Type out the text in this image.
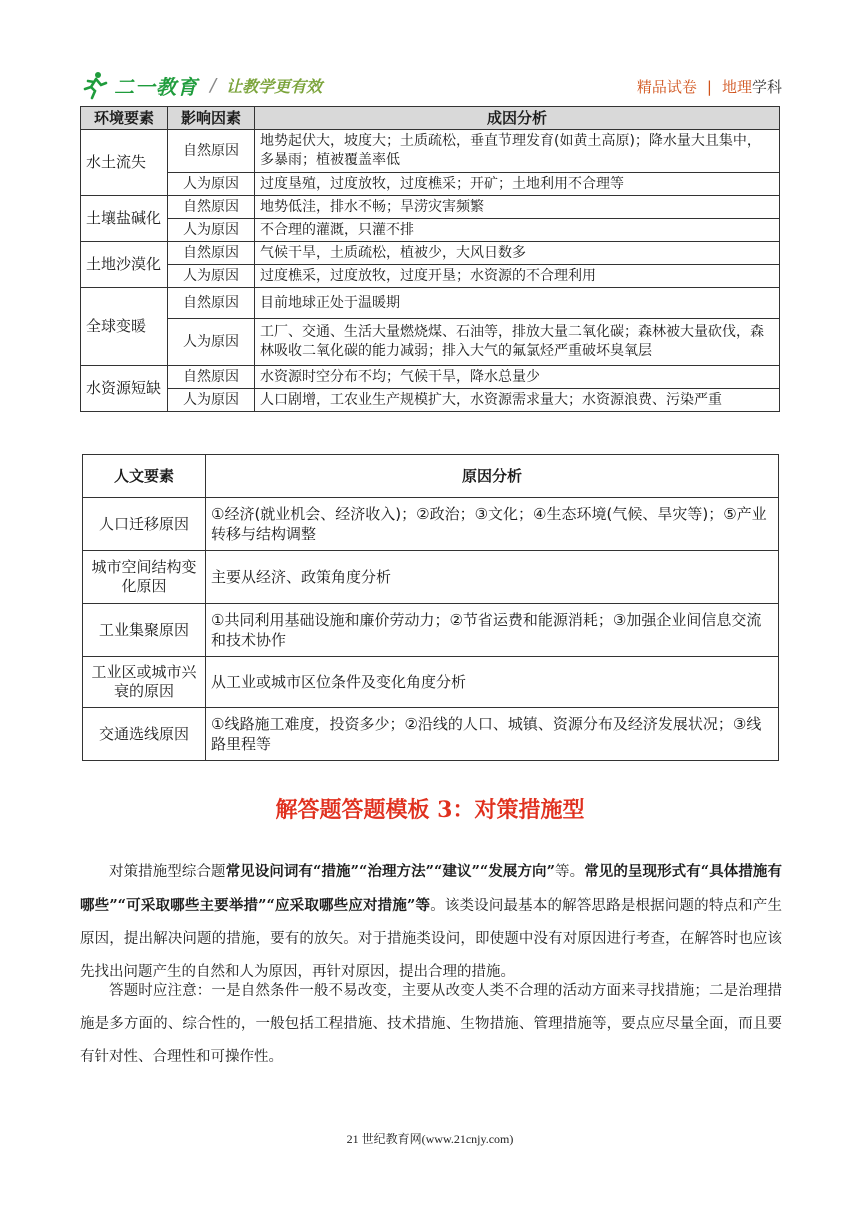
二一教育 / 让教学更有效	精品试卷 | 地理学科
环境要素	影响因素	成因分析
水土流失	自然原因	地势起伏大，坡度大；土质疏松，垂直节理发育(如黄土高原)；降水量大且集中，多暴雨；植被覆盖率低
	人为原因	过度垦殖，过度放牧，过度樵采；开矿；土地利用不合理等
土壤盐碱化	自然原因	地势低洼，排水不畅；旱涝灾害频繁
	人为原因	不合理的灌溉，只灌不排
土地沙漠化	自然原因	气候干旱，土质疏松，植被少，大风日数多
	人为原因	过度樵采，过度放牧，过度开垦；水资源的不合理利用
全球变暖	自然原因	目前地球正处于温暖期
	人为原因	工厂、交通、生活大量燃烧煤、石油等，排放大量二氧化碳；森林被大量砍伐，森林吸收二氧化碳的能力减弱；排入大气的氟氯烃严重破坏臭氧层
水资源短缺	自然原因	水资源时空分布不均；气候干旱，降水总量少
	人为原因	人口剧增，工农业生产规模扩大，水资源需求量大；水资源浪费、污染严重
人文要素	原因分析
人口迁移原因	①经济(就业机会、经济收入)；②政治；③文化；④生态环境(气候、旱灾等)；⑤产业转移与结构调整
城市空间结构变化原因	主要从经济、政策角度分析
工业集聚原因	①共同利用基础设施和廉价劳动力；②节省运费和能源消耗；③加强企业间信息交流和技术协作
工业区或城市兴衰的原因	从工业或城市区位条件及变化角度分析
交通选线原因	①线路施工难度，投资多少；②沿线的人口、城镇、资源分布及经济发展状况；③线路里程等
解答题答题模板 3：对策措施型

对策措施型综合题常见设问词有“措施”“治理方法”“建议”“发展方向”等。常见的呈现形式有“具体措施有哪些”“可采取哪些主要举措”“应采取哪些应对措施”等。该类设问最基本的解答思路是根据问题的特点和产生原因，提出解决问题的措施，要有的放矢。对于措施类设问，即使题中没有对原因进行考查，在解答时也应该先找出问题产生的自然和人为原因，再针对原因，提出合理的措施。

答题时应注意：一是自然条件一般不易改变，主要从改变人类不合理的活动方面来寻找措施；二是治理措施是多方面的、综合性的，一般包括工程措施、技术措施、生物措施、管理措施等，要点应尽量全面，而且要有针对性、合理性和可操作性。

21 世纪教育网(www.21cnjy.com)
